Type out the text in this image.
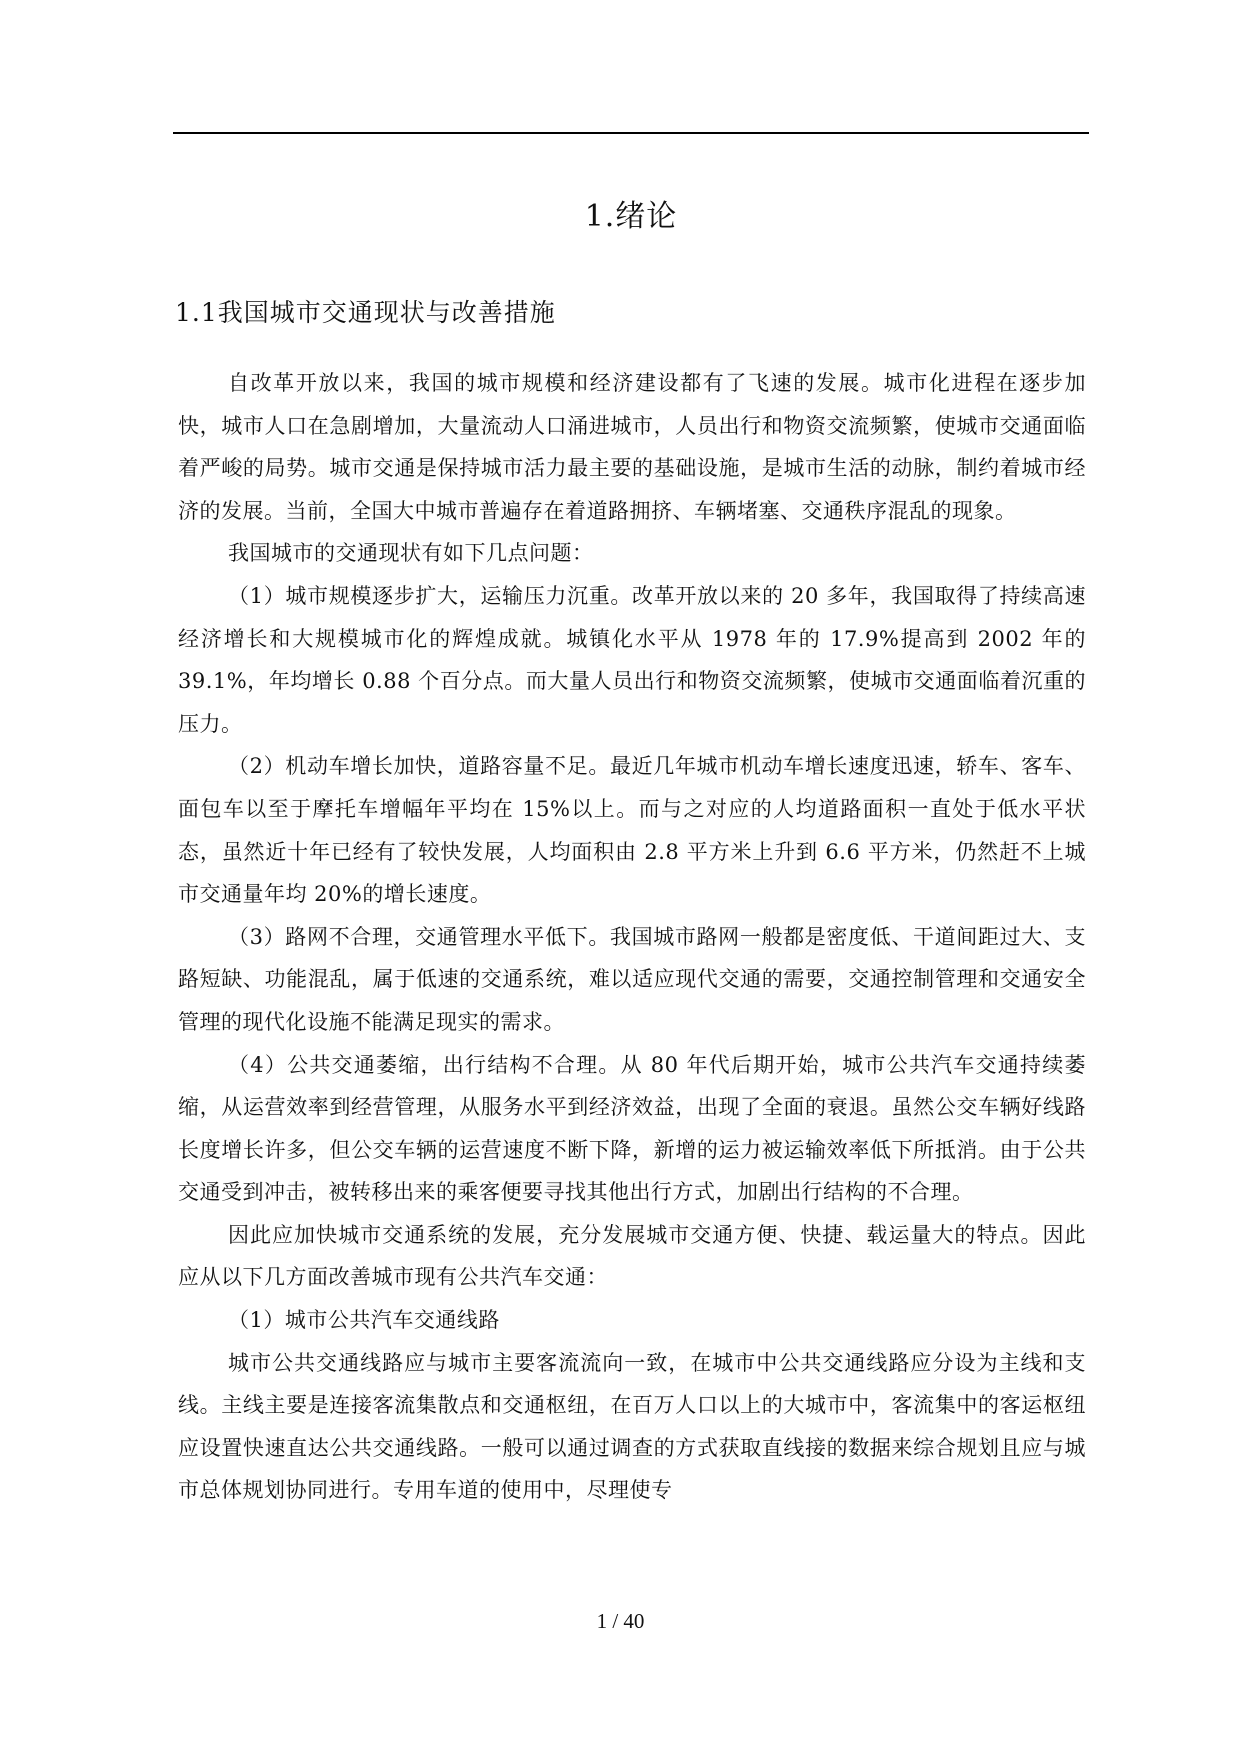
1.绪论
1.1我国城市交通现状与改善措施

自改革开放以来，我国的城市规模和经济建设都有了飞速的发展。城市化进程在逐步加快，城市人口在急剧增加，大量流动人口涌进城市，人员出行和物资交流频繁，使城市交通面临着严峻的局势。城市交通是保持城市活力最主要的基础设施，是城市生活的动脉，制约着城市经济的发展。当前，全国大中城市普遍存在着道路拥挤、车辆堵塞、交通秩序混乱的现象。

我国城市的交通现状有如下几点问题：

（1）城市规模逐步扩大，运输压力沉重。改革开放以来的 20 多年，我国取得了持续高速经济增长和大规模城市化的辉煌成就。城镇化水平从 1978 年的 17.9%提高到 2002 年的 39.1%，年均增长 0.88 个百分点。而大量人员出行和物资交流频繁，使城市交通面临着沉重的压力。

（2）机动车增长加快，道路容量不足。最近几年城市机动车增长速度迅速，轿车、客车、面包车以至于摩托车增幅年平均在 15%以上。而与之对应的人均道路面积一直处于低水平状态，虽然近十年已经有了较快发展，人均面积由 2.8 平方米上升到 6.6 平方米，仍然赶不上城市交通量年均 20%的增长速度。

（3）路网不合理，交通管理水平低下。我国城市路网一般都是密度低、干道间距过大、支路短缺、功能混乱，属于低速的交通系统，难以适应现代交通的需要，交通控制管理和交通安全管理的现代化设施不能满足现实的需求。

（4）公共交通萎缩，出行结构不合理。从 80 年代后期开始，城市公共汽车交通持续萎缩，从运营效率到经营管理，从服务水平到经济效益，出现了全面的衰退。虽然公交车辆好线路长度增长许多，但公交车辆的运营速度不断下降，新增的运力被运输效率低下所抵消。由于公共交通受到冲击，被转移出来的乘客便要寻找其他出行方式，加剧出行结构的不合理。

因此应加快城市交通系统的发展，充分发展城市交通方便、快捷、载运量大的特点。因此应从以下几方面改善城市现有公共汽车交通：

（1）城市公共汽车交通线路

城市公共交通线路应与城市主要客流流向一致，在城市中公共交通线路应分设为主线和支线。主线主要是连接客流集散点和交通枢纽，在百万人口以上的大城市中，客流集中的客运枢纽应设置快速直达公共交通线路。一般可以通过调查的方式获取直线接的数据来综合规划且应与城市总体规划协同进行。专用车道的使用中，尽理使专

1 / 40
